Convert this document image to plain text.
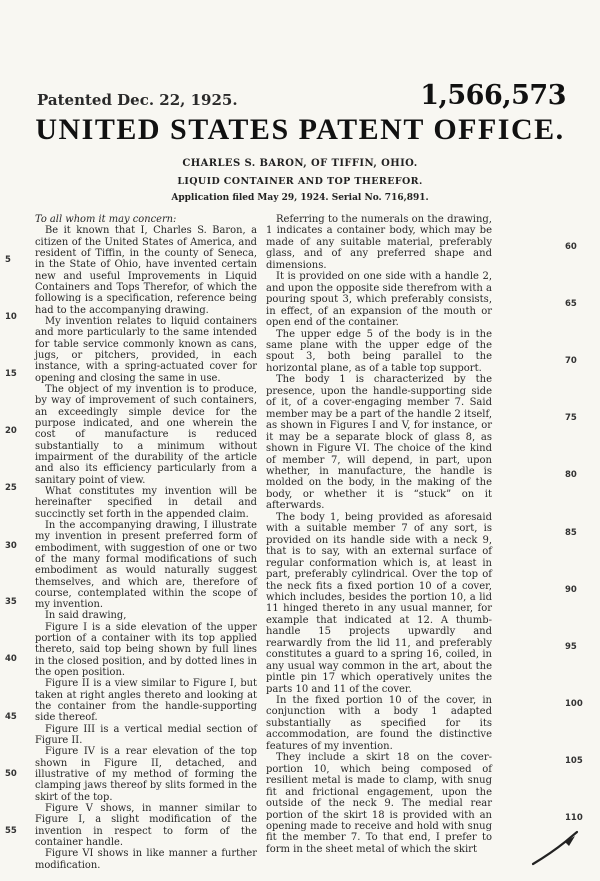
Patented Dec. 22, 1925.	1,566,573
UNITED STATES PATENT OFFICE.
CHARLES S. BARON, OF TIFFIN, OHIO.
LIQUID CONTAINER AND TOP THEREFOR.
Application filed May 29, 1924. Serial No. 716,891.

To all whom it may concern:

Be it known that I, Charles S. Baron, a citizen of the United States of America, and resident of Tiffin, in the county of Seneca, in the State of Ohio, have invented certain new and useful Improvements in Liquid Containers and Tops Therefor, of which the following is a specification, reference being had to the accompanying drawing.

My invention relates to liquid containers and more particularly to the same intended for table service commonly known as cans, jugs, or pitchers, provided, in each instance, with a spring-actuated cover for opening and closing the same in use.

The object of my invention is to produce, by way of improvement of such containers, an exceedingly simple device for the purpose indicated, and one wherein the cost of manufacture is reduced substantially to a minimum without impairment of the durability of the article and also its efficiency particularly from a sanitary point of view.

What constitutes my invention will be hereinafter specified in detail and succinctly set forth in the appended claim.

In the accompanying drawing, I illustrate my invention in present preferred form of embodiment, with suggestion of one or two of the many formal modifications of such embodiment as would naturally suggest themselves, and which are, therefore of course, contemplated within the scope of my invention.

In said drawing,

Figure I is a side elevation of the upper portion of a container with its top applied thereto, said top being shown by full lines in the closed position, and by dotted lines in the open position.

Figure II is a view similar to Figure I, but taken at right angles thereto and looking at the container from the handle-supporting side thereof.

Figure III is a vertical medial section of Figure II.

Figure IV is a rear elevation of the top shown in Figure II, detached, and illustrative of my method of forming the clamping jaws thereof by slits formed in the skirt of the top.

Figure V shows, in manner similar to Figure I, a slight modification of the invention in respect to form of the container handle.

Figure VI shows in like manner a further modification.

Referring to the numerals on the drawing, 1 indicates a container body, which may be made of any suitable material, preferably glass, and of any preferred shape and dimensions.

It is provided on one side with a handle 2, and upon the opposite side therefrom with a pouring spout 3, which preferably consists, in effect, of an expansion of the mouth or open end of the container.

The upper edge 5 of the body is in the same plane with the upper edge of the spout 3, both being parallel to the horizontal plane, as of a table top support.

The body 1 is characterized by the presence, upon the handle-supporting side of it, of a cover-engaging member 7. Said member may be a part of the handle 2 itself, as shown in Figures I and V, for instance, or it may be a separate block of glass 8, as shown in Figure VI. The choice of the kind of member 7, will depend, in part, upon whether, in manufacture, the handle is molded on the body, in the making of the body, or whether it is “stuck” on it afterwards.

The body 1, being provided as aforesaid with a suitable member 7 of any sort, is provided on its handle side with a neck 9, that is to say, with an external surface of regular conformation which is, at least in part, preferably cylindrical. Over the top of the neck fits a fixed portion 10 of a cover, which includes, besides the portion 10, a lid 11 hinged thereto in any usual manner, for example that indicated at 12. A thumb-handle 15 projects upwardly and rearwardly from the lid 11, and preferably constitutes a guard to a spring 16, coiled, in any usual way common in the art, about the pintle pin 17 which operatively unites the parts 10 and 11 of the cover.

In the fixed portion 10 of the cover, in conjunction with a body 1 adapted substantially as specified for its accommodation, are found the distinctive features of my invention.

They include a skirt 18 on the cover-portion 10, which being composed of resilient metal is made to clamp, with snug fit and frictional engagement, upon the outside of the neck 9. The medial rear portion of the skirt 18 is provided with an opening made to receive and hold with snug fit the member 7. To that end, I prefer to form in the sheet metal of which the skirt

5
10
15
20
25
30
35
40
45
50
55
60
65
70
75
80
85
90
95
100
105
110
